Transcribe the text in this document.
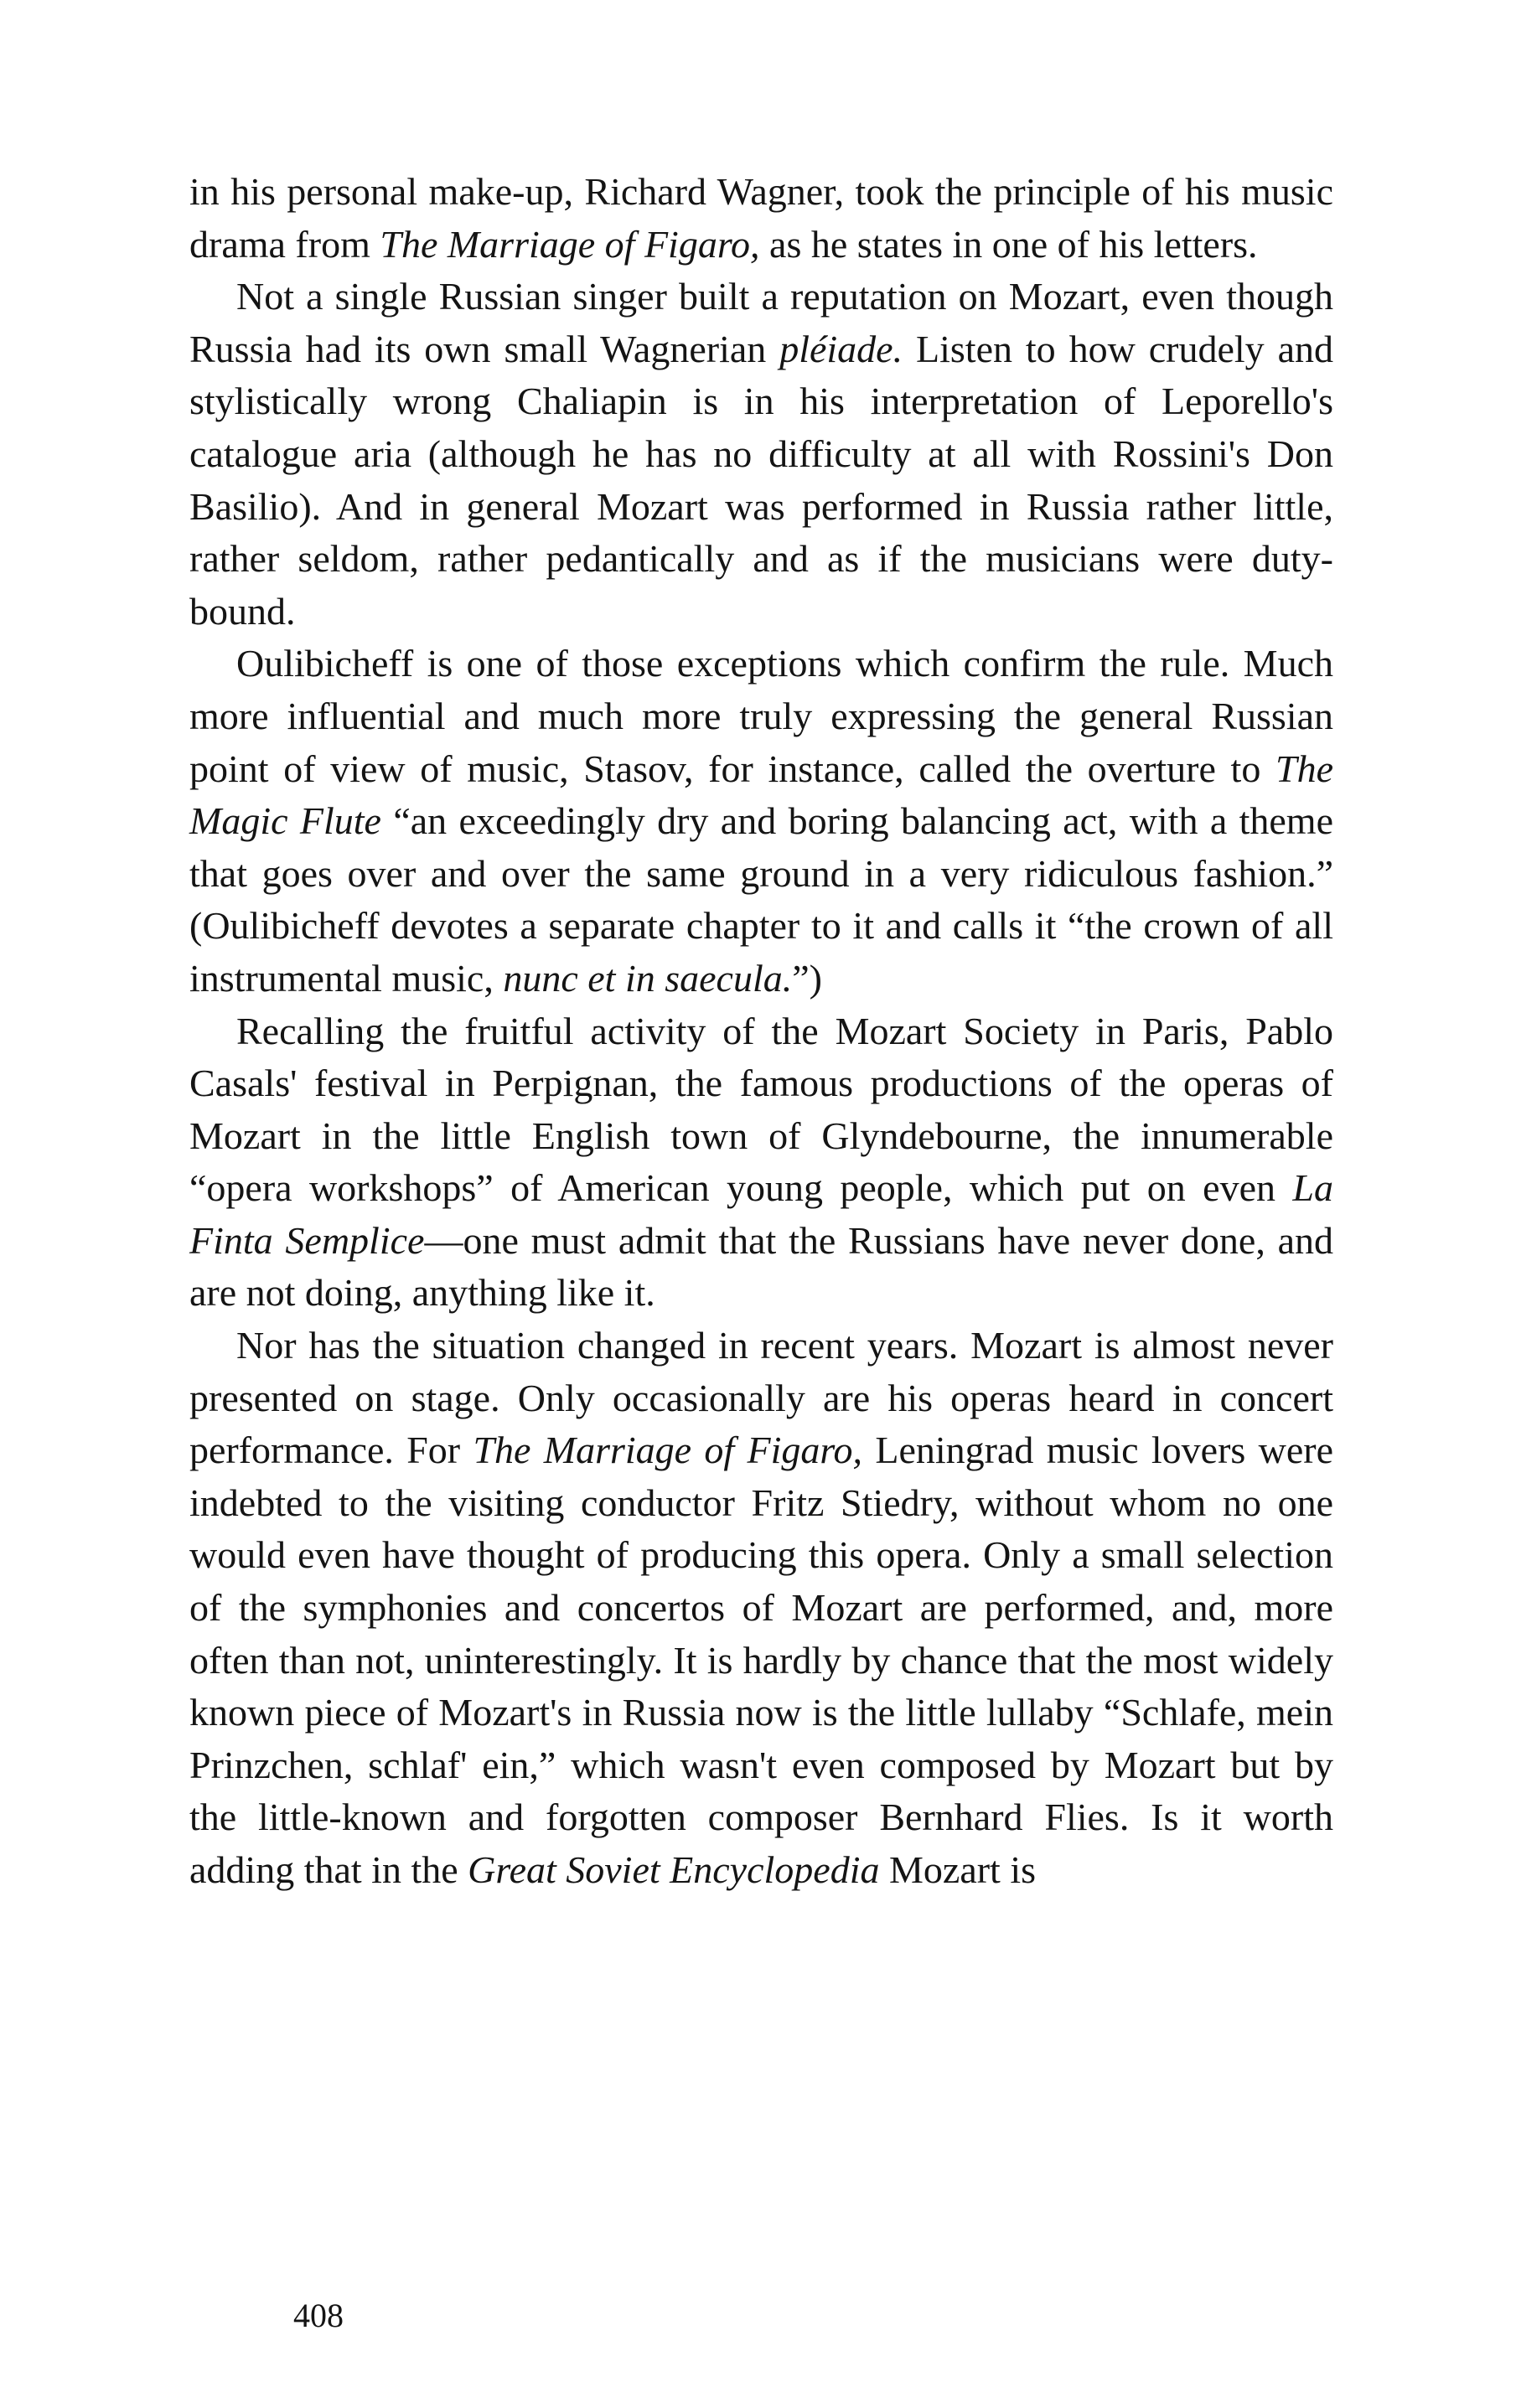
in his personal make-up, Richard Wagner, took the principle of his music drama from The Marriage of Figaro, as he states in one of his letters.

Not a single Russian singer built a reputation on Mozart, even though Russia had its own small Wagnerian pléiade. Listen to how crudely and stylistically wrong Chaliapin is in his interpretation of Leporello's catalogue aria (although he has no difficulty at all with Rossini's Don Basilio). And in general Mozart was performed in Russia rather little, rather seldom, rather pedantically and as if the musicians were duty-bound.

Oulibicheff is one of those exceptions which confirm the rule. Much more influential and much more truly expressing the general Russian point of view of music, Stasov, for instance, called the overture to The Magic Flute “an exceedingly dry and boring balancing act, with a theme that goes over and over the same ground in a very ridiculous fashion.” (Oulibicheff devotes a separate chapter to it and calls it “the crown of all instrumental music, nunc et in saecula.”)

Recalling the fruitful activity of the Mozart Society in Paris, Pablo Casals' festival in Perpignan, the famous productions of the operas of Mozart in the little English town of Glyndebourne, the innumerable “opera workshops” of American young people, which put on even La Finta Semplice—one must admit that the Russians have never done, and are not doing, anything like it.

Nor has the situation changed in recent years. Mozart is almost never presented on stage. Only occasionally are his operas heard in concert performance. For The Marriage of Figaro, Leningrad music lovers were indebted to the visiting conductor Fritz Stiedry, without whom no one would even have thought of producing this opera. Only a small selection of the symphonies and concertos of Mozart are performed, and, more often than not, uninterestingly. It is hardly by chance that the most widely known piece of Mozart's in Russia now is the little lullaby “Schlafe, mein Prinzchen, schlaf' ein,” which wasn't even composed by Mozart but by the little-known and forgotten composer Bernhard Flies. Is it worth adding that in the Great Soviet Encyclopedia Mozart is

408
